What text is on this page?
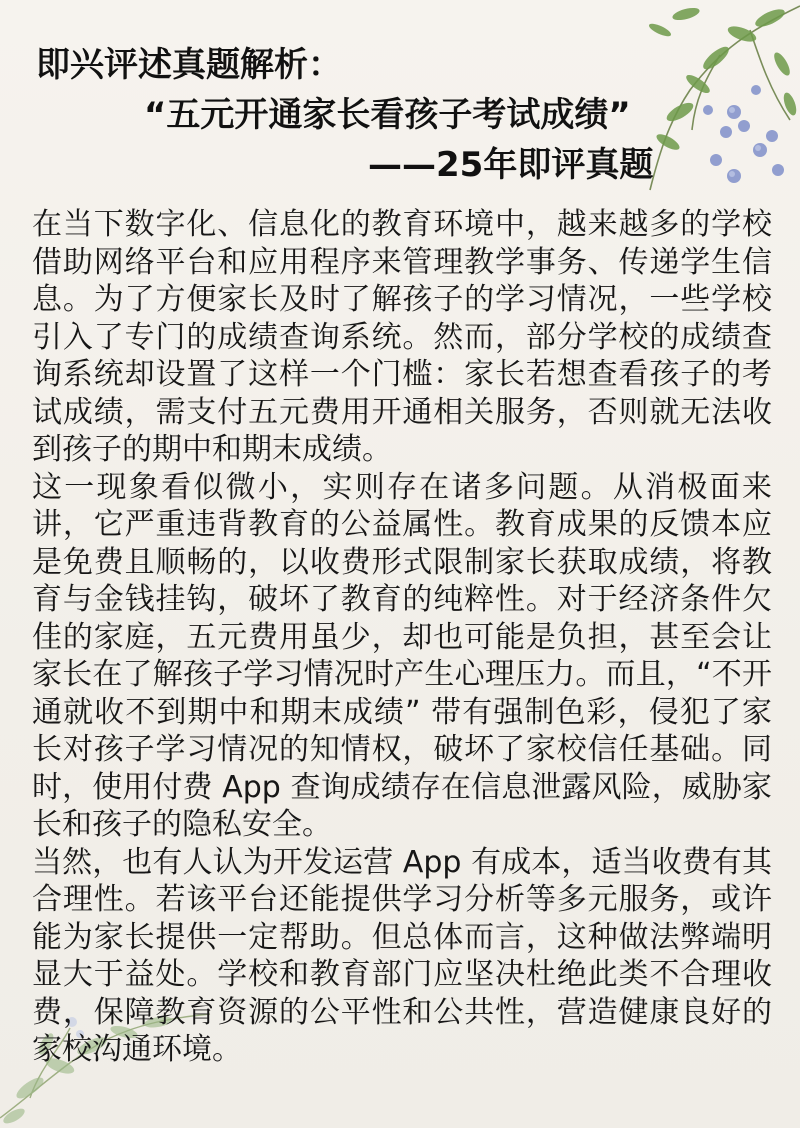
即兴评述真题解析：
“五元开通家长看孩子考试成绩”
——25年即评真题

在当下数字化、信息化的教育环境中，越来越多的学校借助网络平台和应用程序来管理教学事务、传递学生信息。为了方便家长及时了解孩子的学习情况，一些学校引入了专门的成绩查询系统。然而，部分学校的成绩查询系统却设置了这样一个门槛：家长若想查看孩子的考试成绩，需支付五元费用开通相关服务，否则就无法收到孩子的期中和期末成绩。

这一现象看似微小，实则存在诸多问题。从消极面来讲，它严重违背教育的公益属性。教育成果的反馈本应是免费且顺畅的，以收费形式限制家长获取成绩，将教育与金钱挂钩，破坏了教育的纯粹性。对于经济条件欠佳的家庭，五元费用虽少，却也可能是负担，甚至会让家长在了解孩子学习情况时产生心理压力。而且，“不开通就收不到期中和期末成绩” 带有强制色彩，侵犯了家长对孩子学习情况的知情权，破坏了家校信任基础。同时，使用付费 App 查询成绩存在信息泄露风险，威胁家长和孩子的隐私安全。

当然，也有人认为开发运营 App 有成本，适当收费有其合理性。若该平台还能提供学习分析等多元服务，或许能为家长提供一定帮助。但总体而言，这种做法弊端明显大于益处。学校和教育部门应坚决杜绝此类不合理收费，保障教育资源的公平性和公共性，营造健康良好的家校沟通环境。
